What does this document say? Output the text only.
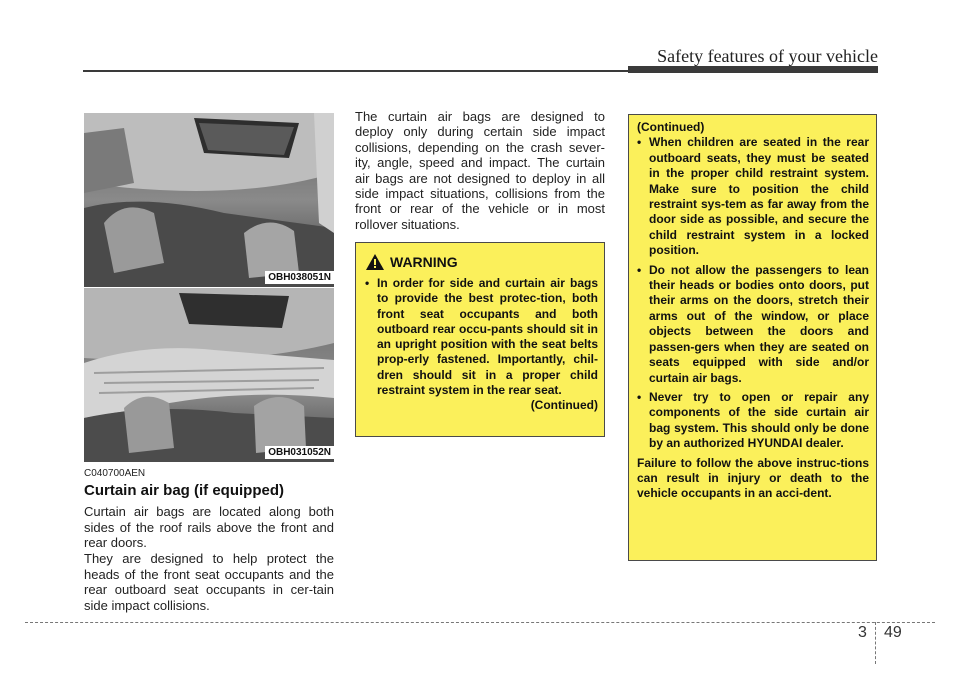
Safety features of your vehicle
OBH038051N
OBH031052N
C040700AEN
Curtain air bag (if equipped)
Curtain air bags are located along both sides of the roof rails above the front and rear doors.
They are designed to help protect the heads of the front seat occupants and the rear outboard seat occupants in cer-tain side impact collisions.
The curtain air bags are designed to deploy only during certain side impact collisions, depending on the crash sever-ity, angle, speed and impact. The curtain air bags are not designed to deploy in all side impact situations, collisions from the front or rear of the vehicle or in most rollover situations.
WARNING
• In order for side and curtain air bags to provide the best protec-tion, both front seat occupants and both outboard rear occu-pants should sit in an upright position with the seat belts prop-erly fastened. Importantly, chil-dren should sit in a proper child restraint system in the rear seat.
(Continued)
(Continued)
• When children are seated in the rear outboard seats, they must be seated in the proper child restraint system. Make sure to position the child restraint sys-tem as far away from the door side as possible, and secure the child restraint system in a locked position.
• Do not allow the passengers to lean their heads or bodies onto doors, put their arms on the doors, stretch their arms out of the window, or place objects between the doors and passen-gers when they are seated on seats equipped with side and/or curtain air bags.
• Never try to open or repair any components of the side curtain air bag system. This should only be done by an authorized HYUNDAI dealer.
Failure to follow the above instruc-tions can result in injury or death to the vehicle occupants in an acci-dent.
3 49
